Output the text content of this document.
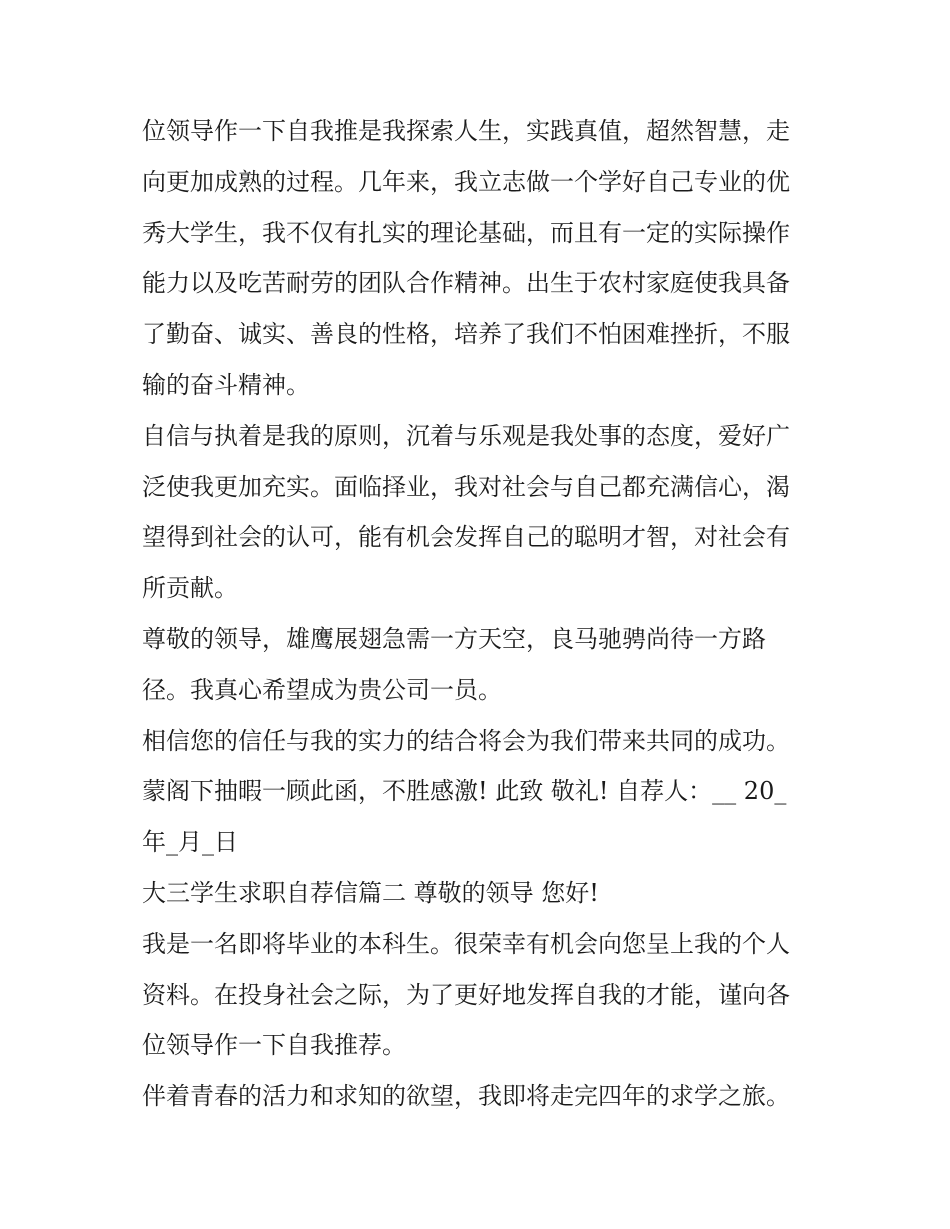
位领导作一下自我推是我探索人生，实践真值，超然智慧，走
向更加成熟的过程。几年来，我立志做一个学好自己专业的优
秀大学生，我不仅有扎实的理论基础，而且有一定的实际操作
能力以及吃苦耐劳的团队合作精神。出生于农村家庭使我具备
了勤奋、诚实、善良的性格，培养了我们不怕困难挫折，不服
输的奋斗精神。
自信与执着是我的原则，沉着与乐观是我处事的态度，爱好广
泛使我更加充实。面临择业，我对社会与自己都充满信心，渴
望得到社会的认可，能有机会发挥自己的聪明才智，对社会有
所贡献。
尊敬的领导，雄鹰展翅急需一方天空，良马驰骋尚待一方路
径。我真心希望成为贵公司一员。
相信您的信任与我的实力的结合将会为我们带来共同的成功。
蒙阁下抽暇一顾此函，不胜感激! 此致 敬礼! 自荐人：__ 20_
年_月_日
大三学生求职自荐信篇二 尊敬的领导 您好!
我是一名即将毕业的本科生。很荣幸有机会向您呈上我的个人
资料。在投身社会之际，为了更好地发挥自我的才能，谨向各
位领导作一下自我推荐。
伴着青春的活力和求知的欲望，我即将走完四年的求学之旅。
